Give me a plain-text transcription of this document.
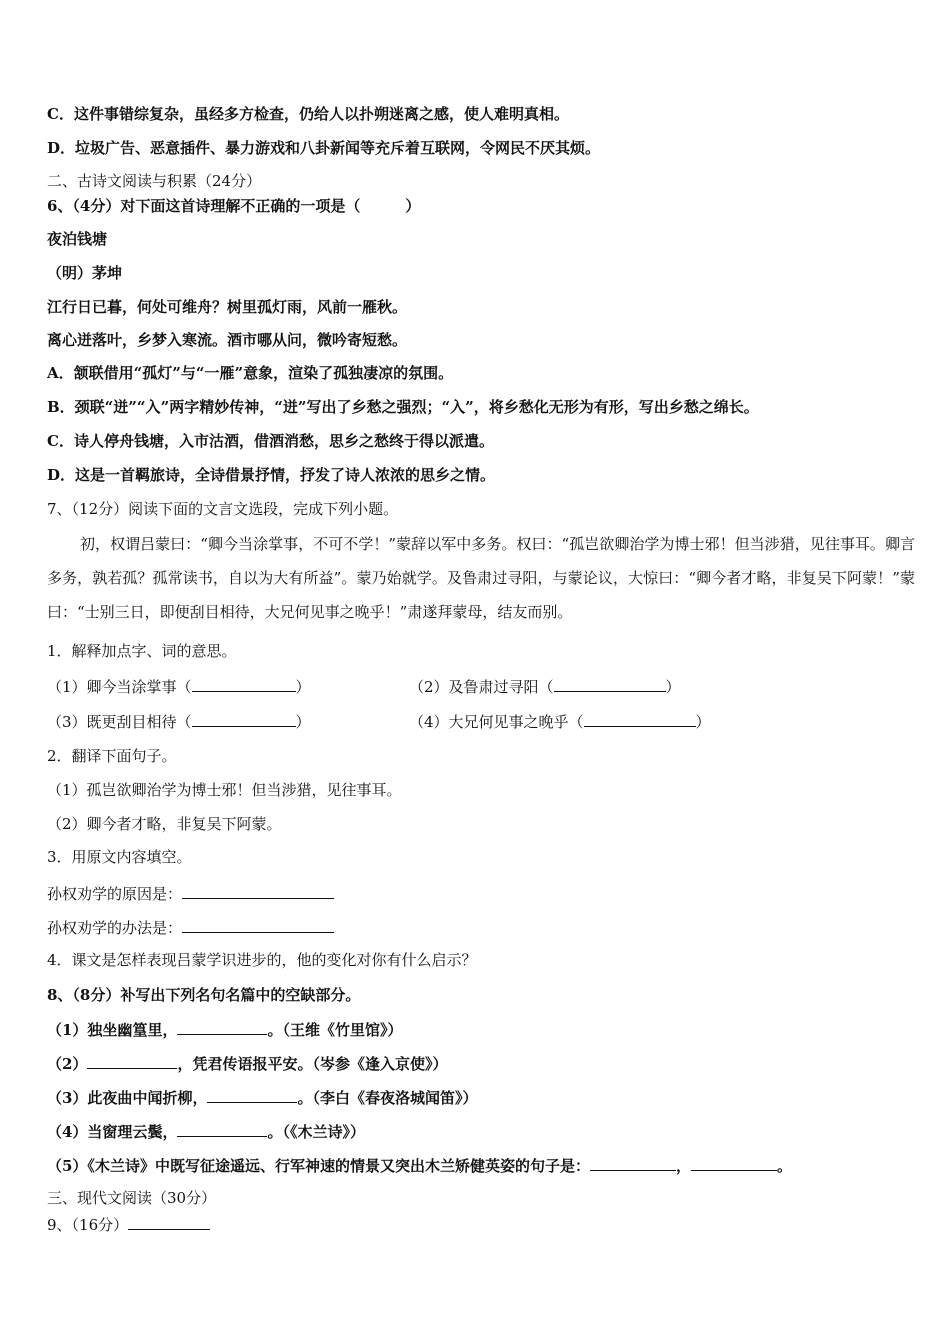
C．这件事错综复杂，虽经多方检查，仍给人以扑朔迷离之感，使人难明真相。
D．垃圾广告、恶意插件、暴力游戏和八卦新闻等充斥着互联网，令网民不厌其烦。
二、古诗文阅读与积累（24分）
6、（4分）对下面这首诗理解不正确的一项是（　　　）
夜泊钱塘
（明）茅坤
江行日已暮，何处可维舟？树里孤灯雨，风前一雁秋。
离心迸落叶，乡梦入寒流。酒市哪从问，微吟寄短愁。
A．颔联借用“孤灯”与“一雁”意象，渲染了孤独凄凉的氛围。
B．颈联“迸”“入”两字精妙传神，“迸”写出了乡愁之强烈；“入”，将乡愁化无形为有形，写出乡愁之绵长。
C．诗人停舟钱塘，入市沽酒，借酒消愁，思乡之愁终于得以派遣。
D．这是一首羁旅诗，全诗借景抒情，抒发了诗人浓浓的思乡之情。
7、（12分）阅读下面的文言文选段，完成下列小题。
初，权谓吕蒙曰：“卿今当涂掌事，不可不学！”蒙辞以军中多务。权曰：“孤岂欲卿治学为博士邪！但当涉猎，见往事耳。卿言多务，孰若孤？孤常读书，自以为大有所益”。蒙乃始就学。及鲁肃过寻阳，与蒙论议，大惊曰：“卿今者才略，非复吴下阿蒙！”蒙曰：“士别三日，即便刮目相待，大兄何见事之晚乎！”肃遂拜蒙母，结友而别。
1．解释加点字、词的意思。
（1）卿今当涂掌事（	）	（2）及鲁肃过寻阳（	）
（3）既更刮目相待（	）	（4）大兄何见事之晚乎（	）
2．翻译下面句子。
（1）孤岂欲卿治学为博士邪！但当涉猎，见往事耳。
（2）卿今者才略，非复吴下阿蒙。
3．用原文内容填空。
孙权劝学的原因是：
孙权劝学的办法是：
4．课文是怎样表现吕蒙学识进步的，他的变化对你有什么启示？
8、（8分）补写出下列名句名篇中的空缺部分。
（1）独坐幽篁里，	。（王维《竹里馆》）
（2）	，凭君传语报平安。（岑参《逢入京使》）
（3）此夜曲中闻折柳，	。（李白《春夜洛城闻笛》）
（4）当窗理云鬓，	。（《木兰诗》）
（5）《木兰诗》中既写征途遥远、行军神速的情景又突出木兰矫健英姿的句子是：	，	。
三、现代文阅读（30分）
9、（16分）
